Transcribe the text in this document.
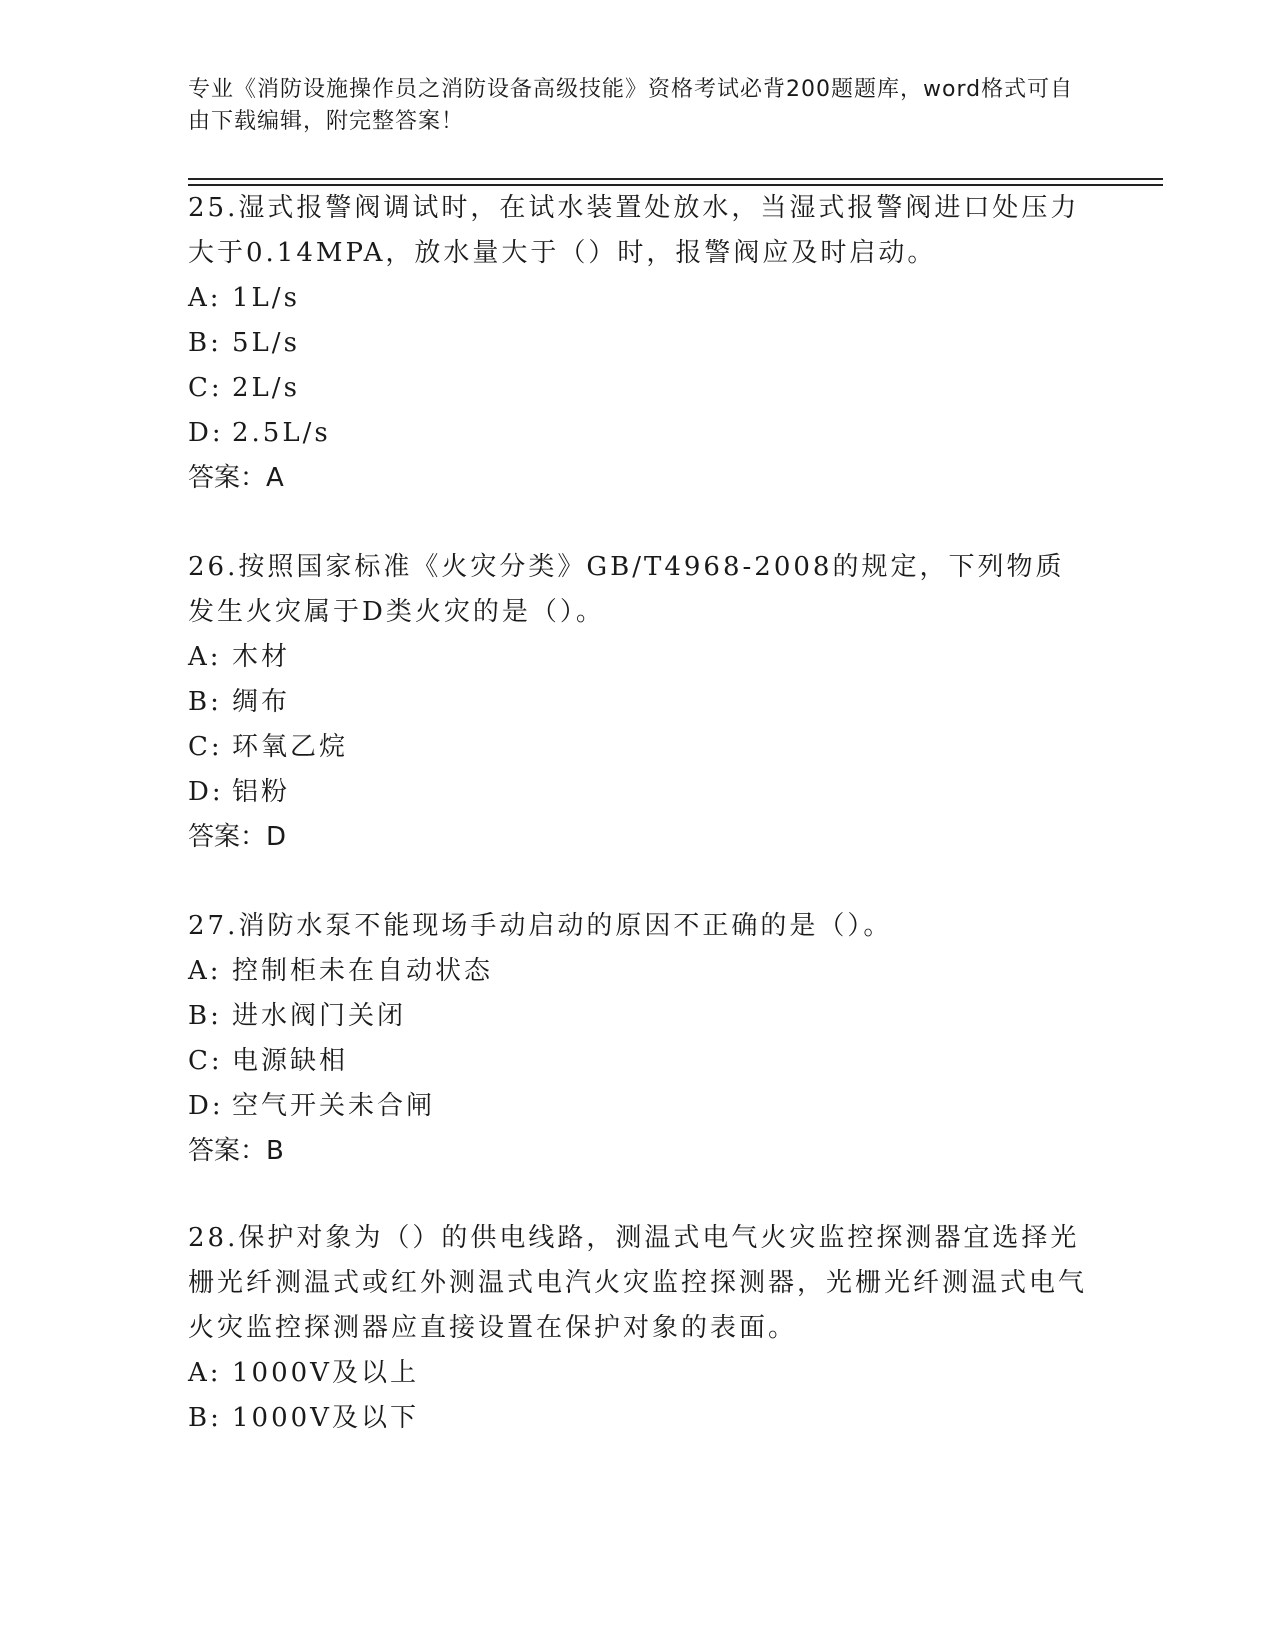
专业《消防设施操作员之消防设备高级技能》资格考试必背200题题库，word格式可自由下载编辑，附完整答案！

25.湿式报警阀调试时，在试水装置处放水，当湿式报警阀进口处压力大于0.14MPA，放水量大于（）时，报警阀应及时启动。

A: 1L/s

B: 5L/s

C: 2L/s

D: 2.5L/s

答案：A

26.按照国家标准《火灾分类》GB/T4968-2008的规定，下列物质发生火灾属于D类火灾的是（）。

A: 木材

B: 绸布

C: 环氧乙烷

D: 铝粉

答案：D

27.消防水泵不能现场手动启动的原因不正确的是（）。

A: 控制柜未在自动状态

B: 进水阀门关闭

C: 电源缺相

D: 空气开关未合闸

答案：B

28.保护对象为（）的供电线路，测温式电气火灾监控探测器宜选择光栅光纤测温式或红外测温式电汽火灾监控探测器，光栅光纤测温式电气火灾监控探测器应直接设置在保护对象的表面。

A: 1000V及以上

B: 1000V及以下
